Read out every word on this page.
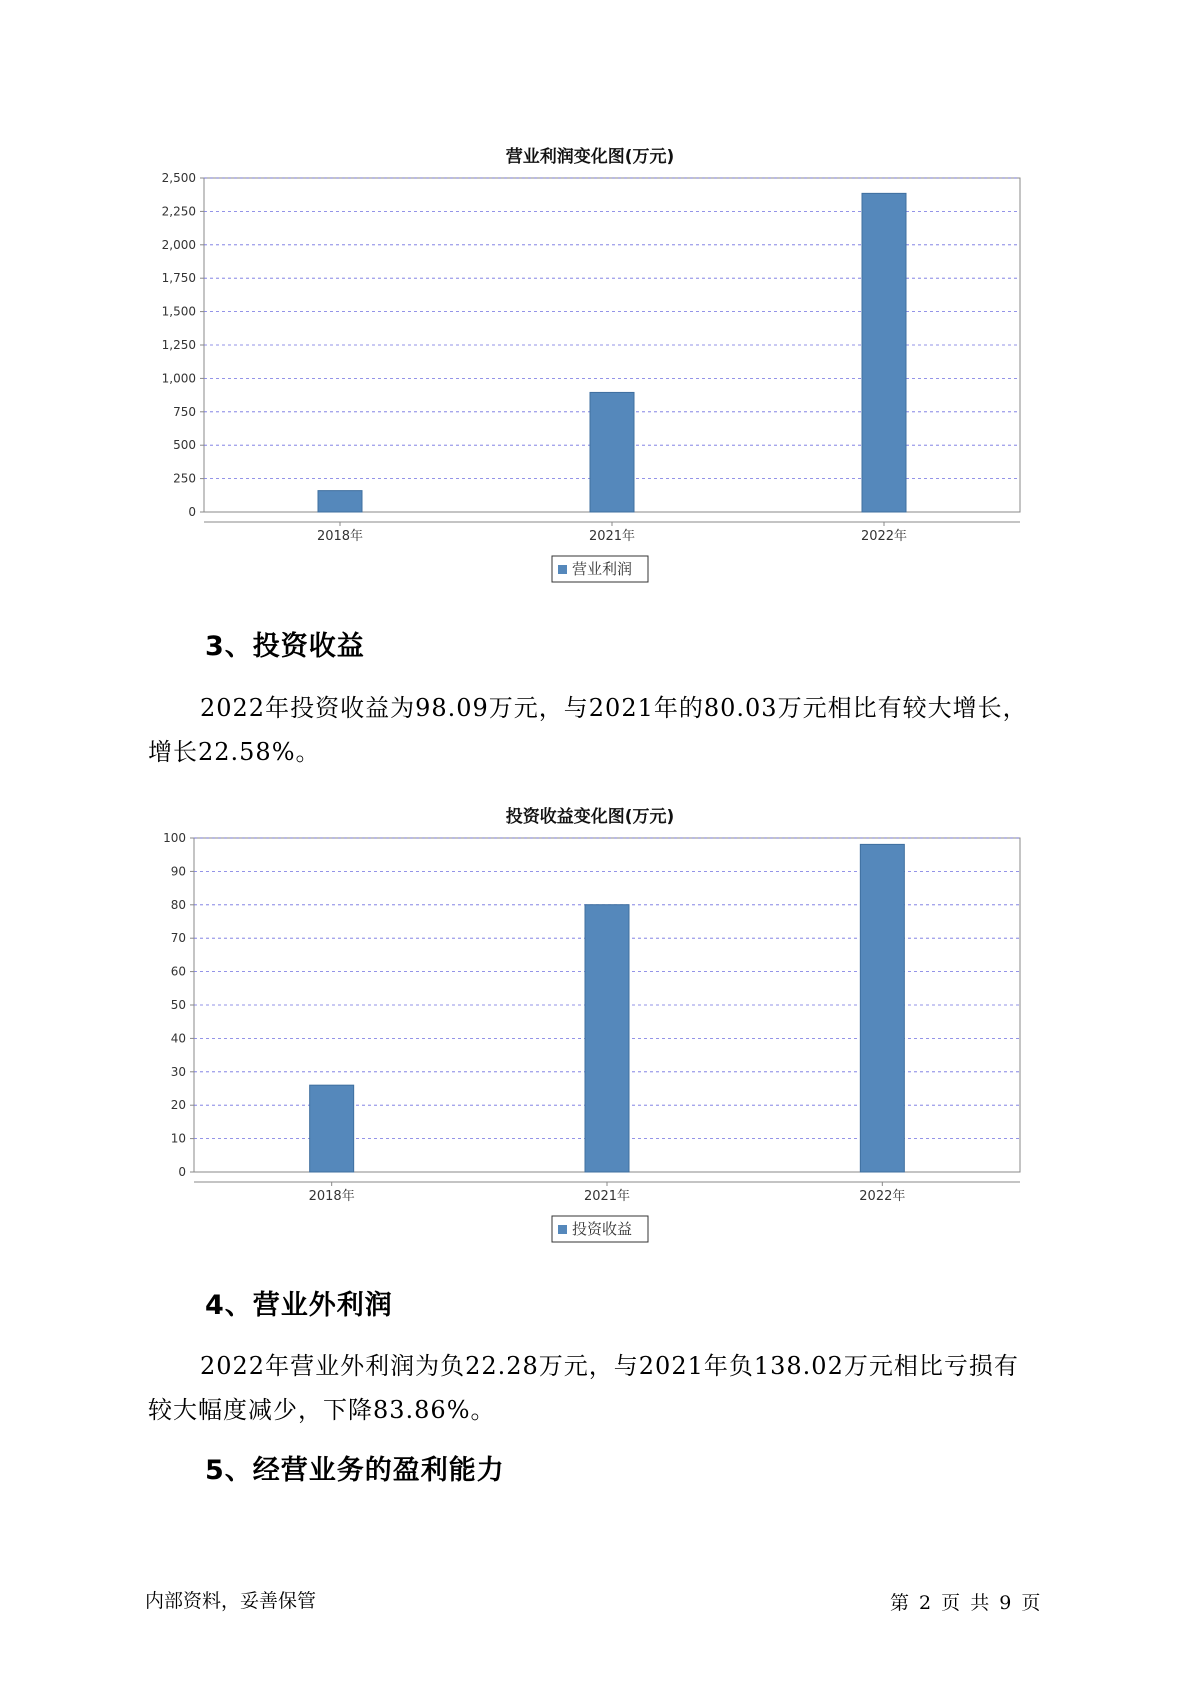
营业利润变化图(万元)
0
250
500
750
1,000
1,250
1,500
1,750
2,000
2,250
2,500
2018年	2021年	2022年
营业利润
3、投资收益
2022年投资收益为98.09万元，与2021年的80.03万元相比有较大增长，
增长22.58%。
投资收益变化图(万元)
0
10
20
30
40
50
60
70
80
90
100
2018年	2021年	2022年
投资收益
4、营业外利润
2022年营业外利润为负22.28万元，与2021年负138.02万元相比亏损有
较大幅度减少，下降83.86%。
5、经营业务的盈利能力
内部资料，妥善保管	第 2 页 共 9 页
